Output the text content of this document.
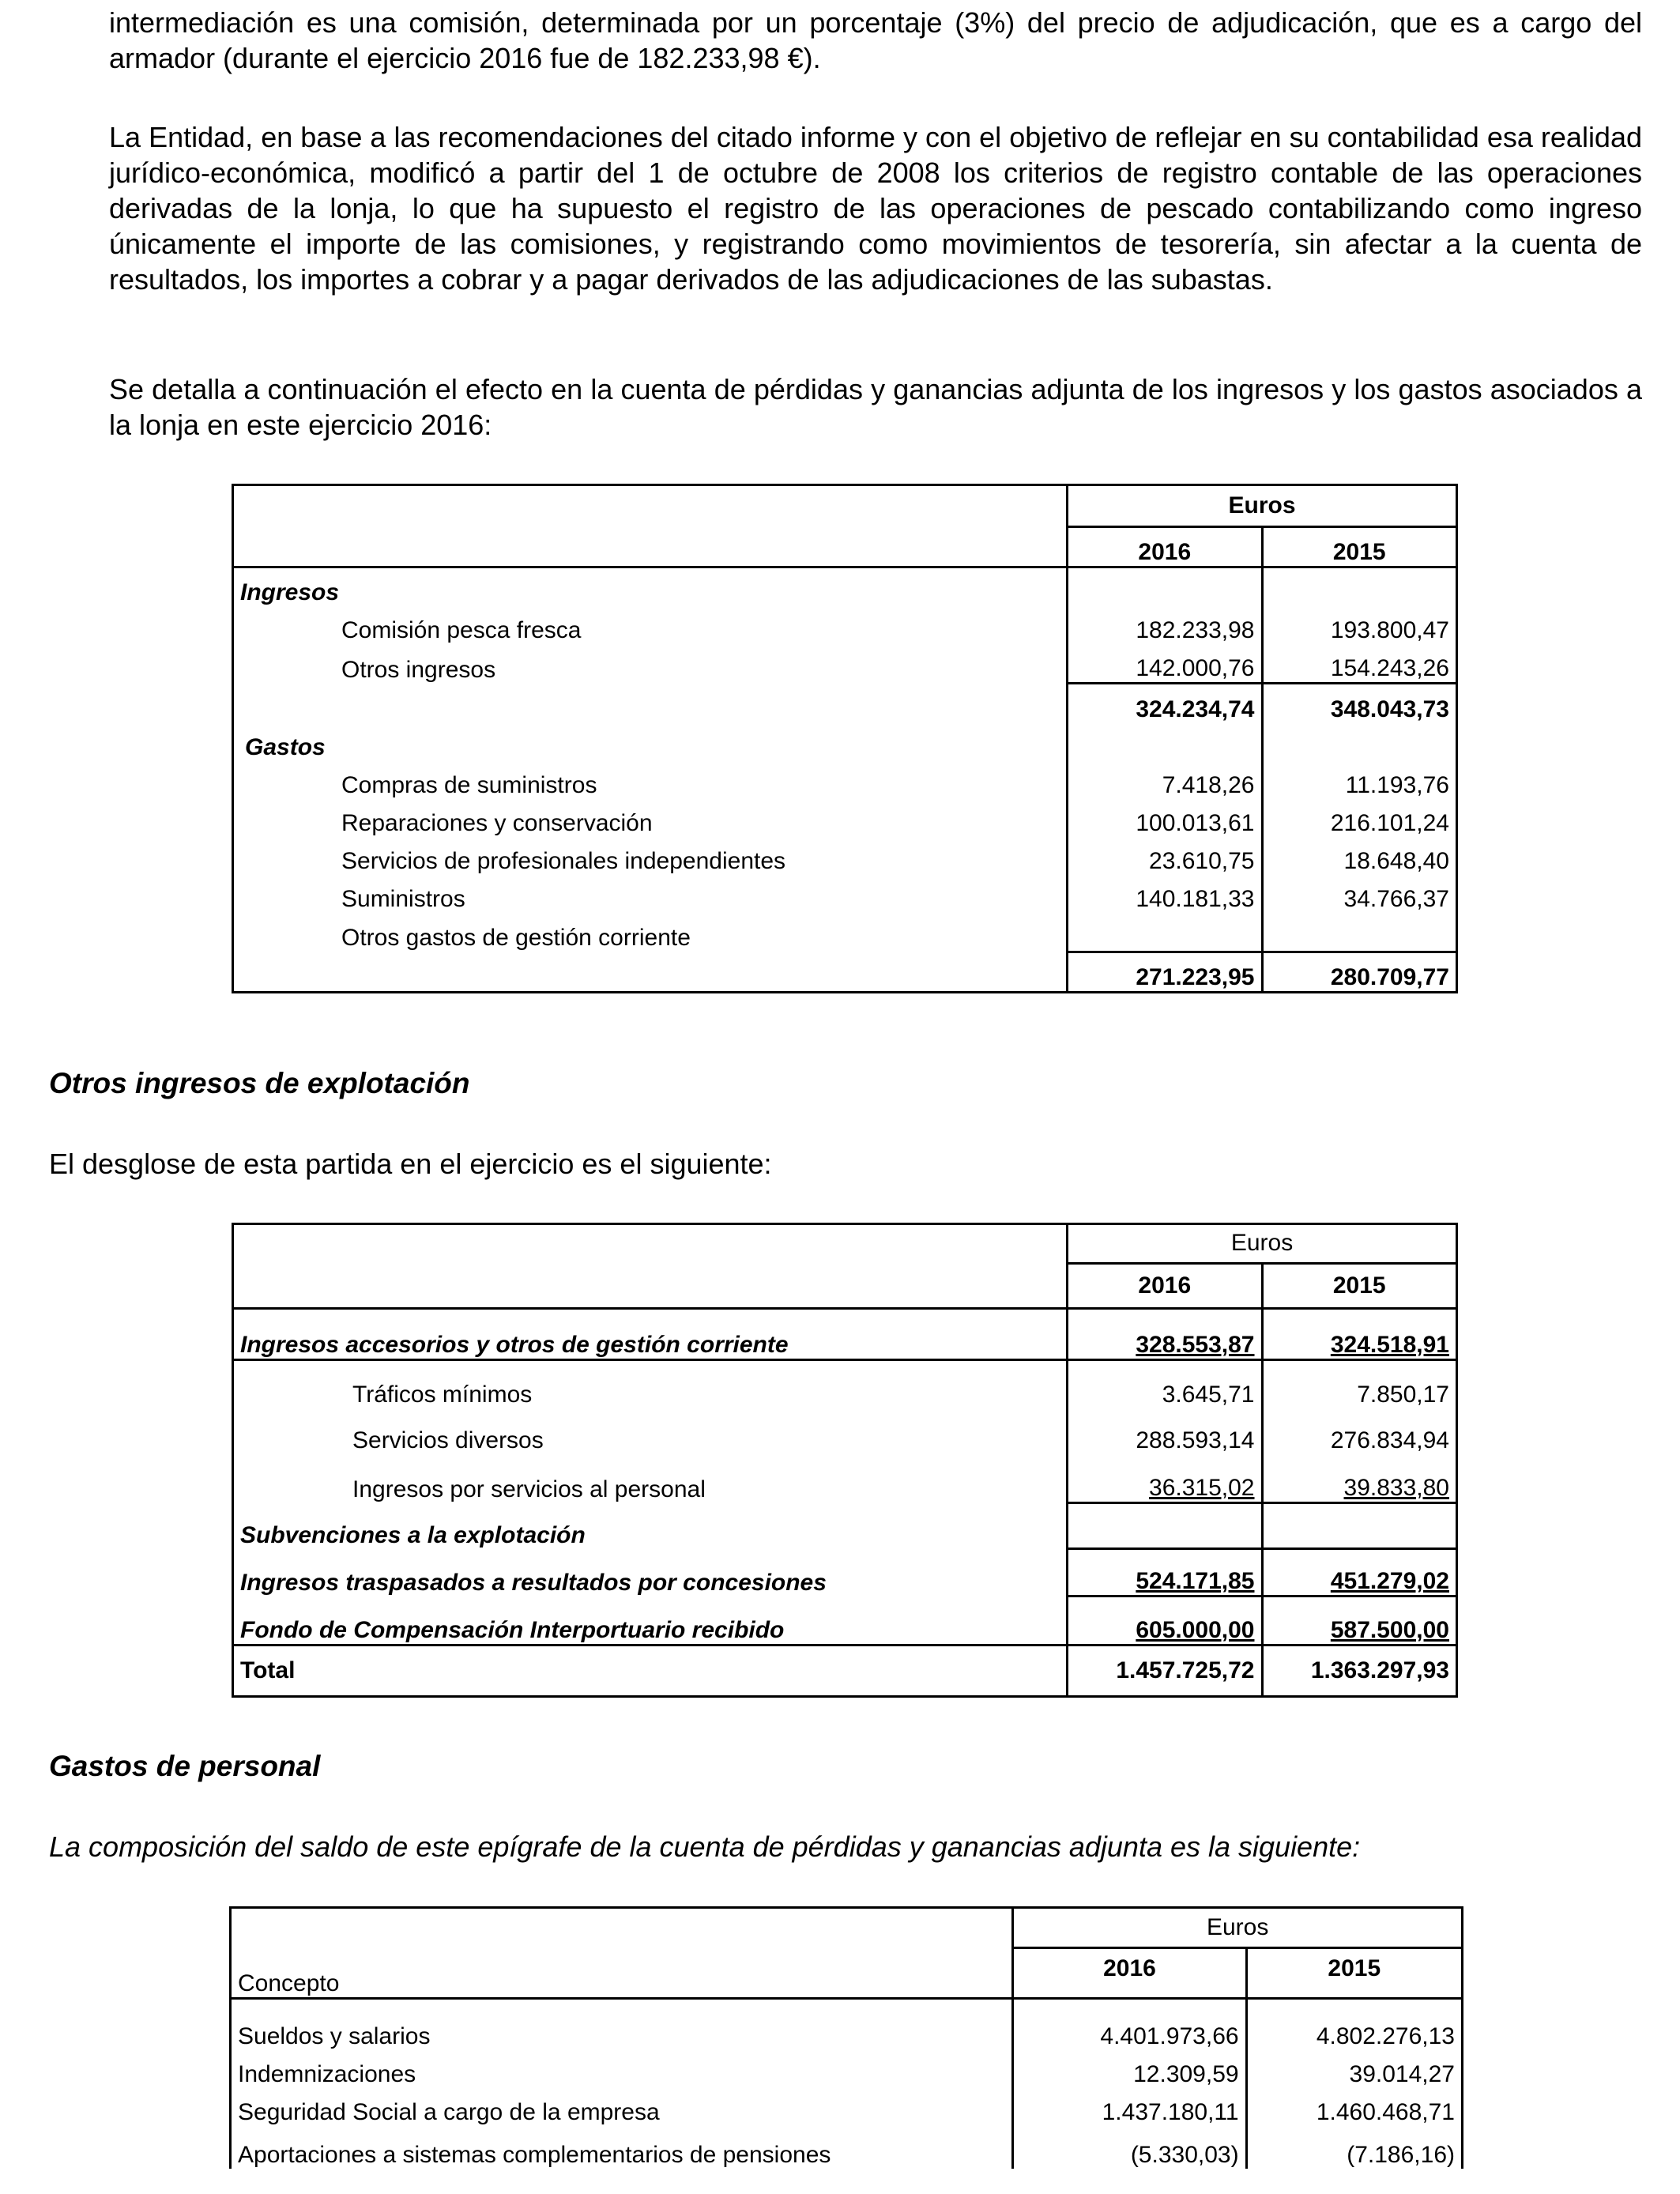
intermediación es una comisión, determinada por un porcentaje (3%) del precio de adjudicación, que es a cargo del armador (durante el ejercicio 2016 fue de 182.233,98 €).

La Entidad, en base a las recomendaciones del citado informe y con el objetivo de reflejar en su contabilidad esa realidad jurídico-económica, modificó a partir del 1 de octubre de 2008 los criterios de registro contable de las operaciones derivadas de la lonja, lo que ha supuesto el registro de las operaciones de pescado contabilizando como ingreso únicamente el importe de las comisiones, y registrando como movimientos de tesorería, sin afectar a la cuenta de resultados, los importes a cobrar y a pagar derivados de las adjudicaciones de las subastas.

Se detalla a continuación el efecto en la cuenta de pérdidas y ganancias adjunta de los ingresos y los gastos asociados a la lonja en este ejercicio 2016:

	Euros	
	2016	2015
Ingresos		
Comisión pesca fresca	182.233,98	193.800,47
Otros ingresos	142.000,76	154.243,26
	324.234,74	348.043,73
Gastos		
Compras de suministros	7.418,26	11.193,76
Reparaciones y conservación	100.013,61	216.101,24
Servicios de profesionales independientes	23.610,75	18.648,40
Suministros	140.181,33	34.766,37
Otros gastos de gestión corriente		
	271.223,95	280.709,77

Otros ingresos de explotación

El desglose de esta partida en el ejercicio es el siguiente:

	Euros	
	2016	2015
Ingresos accesorios y otros de gestión corriente	328.553,87	324.518,91
Tráficos mínimos	3.645,71	7.850,17
Servicios diversos	288.593,14	276.834,94
Ingresos por servicios al personal	36.315,02	39.833,80
Subvenciones a la explotación		
Ingresos traspasados a resultados por concesiones	524.171,85	451.279,02
Fondo de Compensación Interportuario recibido	605.000,00	587.500,00
Total	1.457.725,72	1.363.297,93

Gastos de personal

La composición del saldo de este epígrafe de la cuenta de pérdidas y ganancias adjunta es la siguiente:

	Euros	
Concepto	2016	2015
Sueldos y salarios	4.401.973,66	4.802.276,13
Indemnizaciones	12.309,59	39.014,27
Seguridad Social a cargo de la empresa	1.437.180,11	1.460.468,71
Aportaciones a sistemas complementarios de pensiones	(5.330,03)	(7.186,16)
